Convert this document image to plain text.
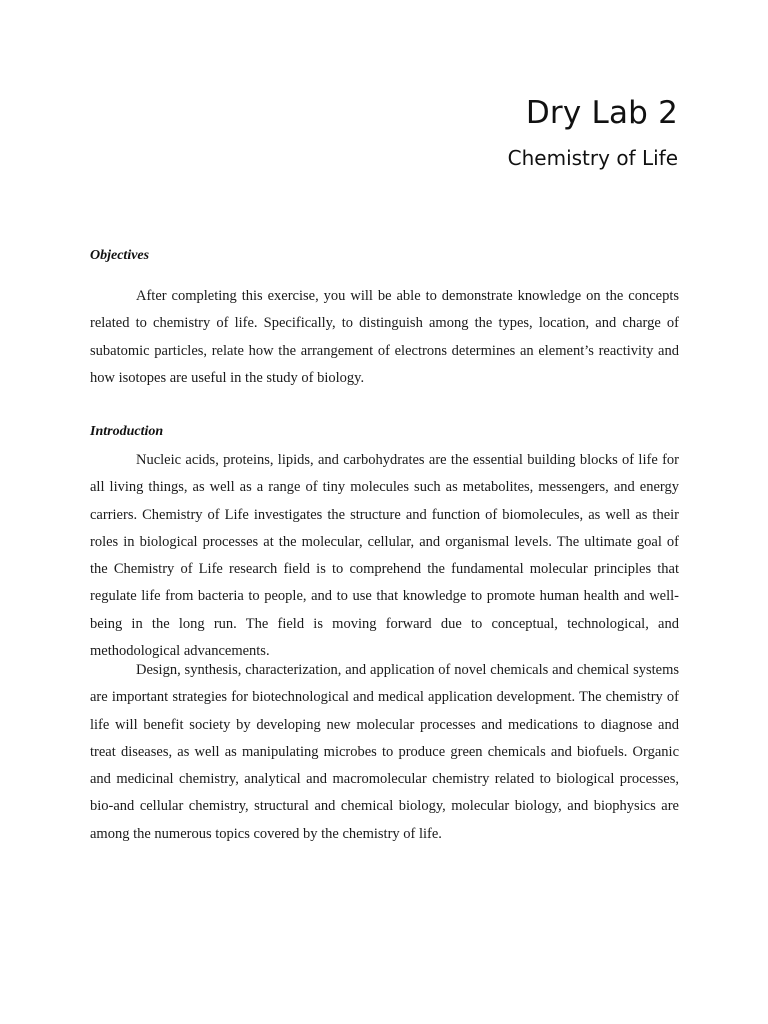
Dry Lab 2
Chemistry of Life
Objectives

After completing this exercise, you will be able to demonstrate knowledge on the concepts related to chemistry of life. Specifically, to distinguish among the types, location, and charge of subatomic particles, relate how the arrangement of electrons determines an element’s reactivity and how isotopes are useful in the study of biology.

Introduction

Nucleic acids, proteins, lipids, and carbohydrates are the essential building blocks of life for all living things, as well as a range of tiny molecules such as metabolites, messengers, and energy carriers. Chemistry of Life investigates the structure and function of biomolecules, as well as their roles in biological processes at the molecular, cellular, and organismal levels. The ultimate goal of the Chemistry of Life research field is to comprehend the fundamental molecular principles that regulate life from bacteria to people, and to use that knowledge to promote human health and well-being in the long run. The field is moving forward due to conceptual, technological, and methodological advancements.

Design, synthesis, characterization, and application of novel chemicals and chemical systems are important strategies for biotechnological and medical application development. The chemistry of life will benefit society by developing new molecular processes and medications to diagnose and treat diseases, as well as manipulating microbes to produce green chemicals and biofuels. Organic and medicinal chemistry, analytical and macromolecular chemistry related to biological processes, bio-and cellular chemistry, structural and chemical biology, molecular biology, and biophysics are among the numerous topics covered by the chemistry of life.
